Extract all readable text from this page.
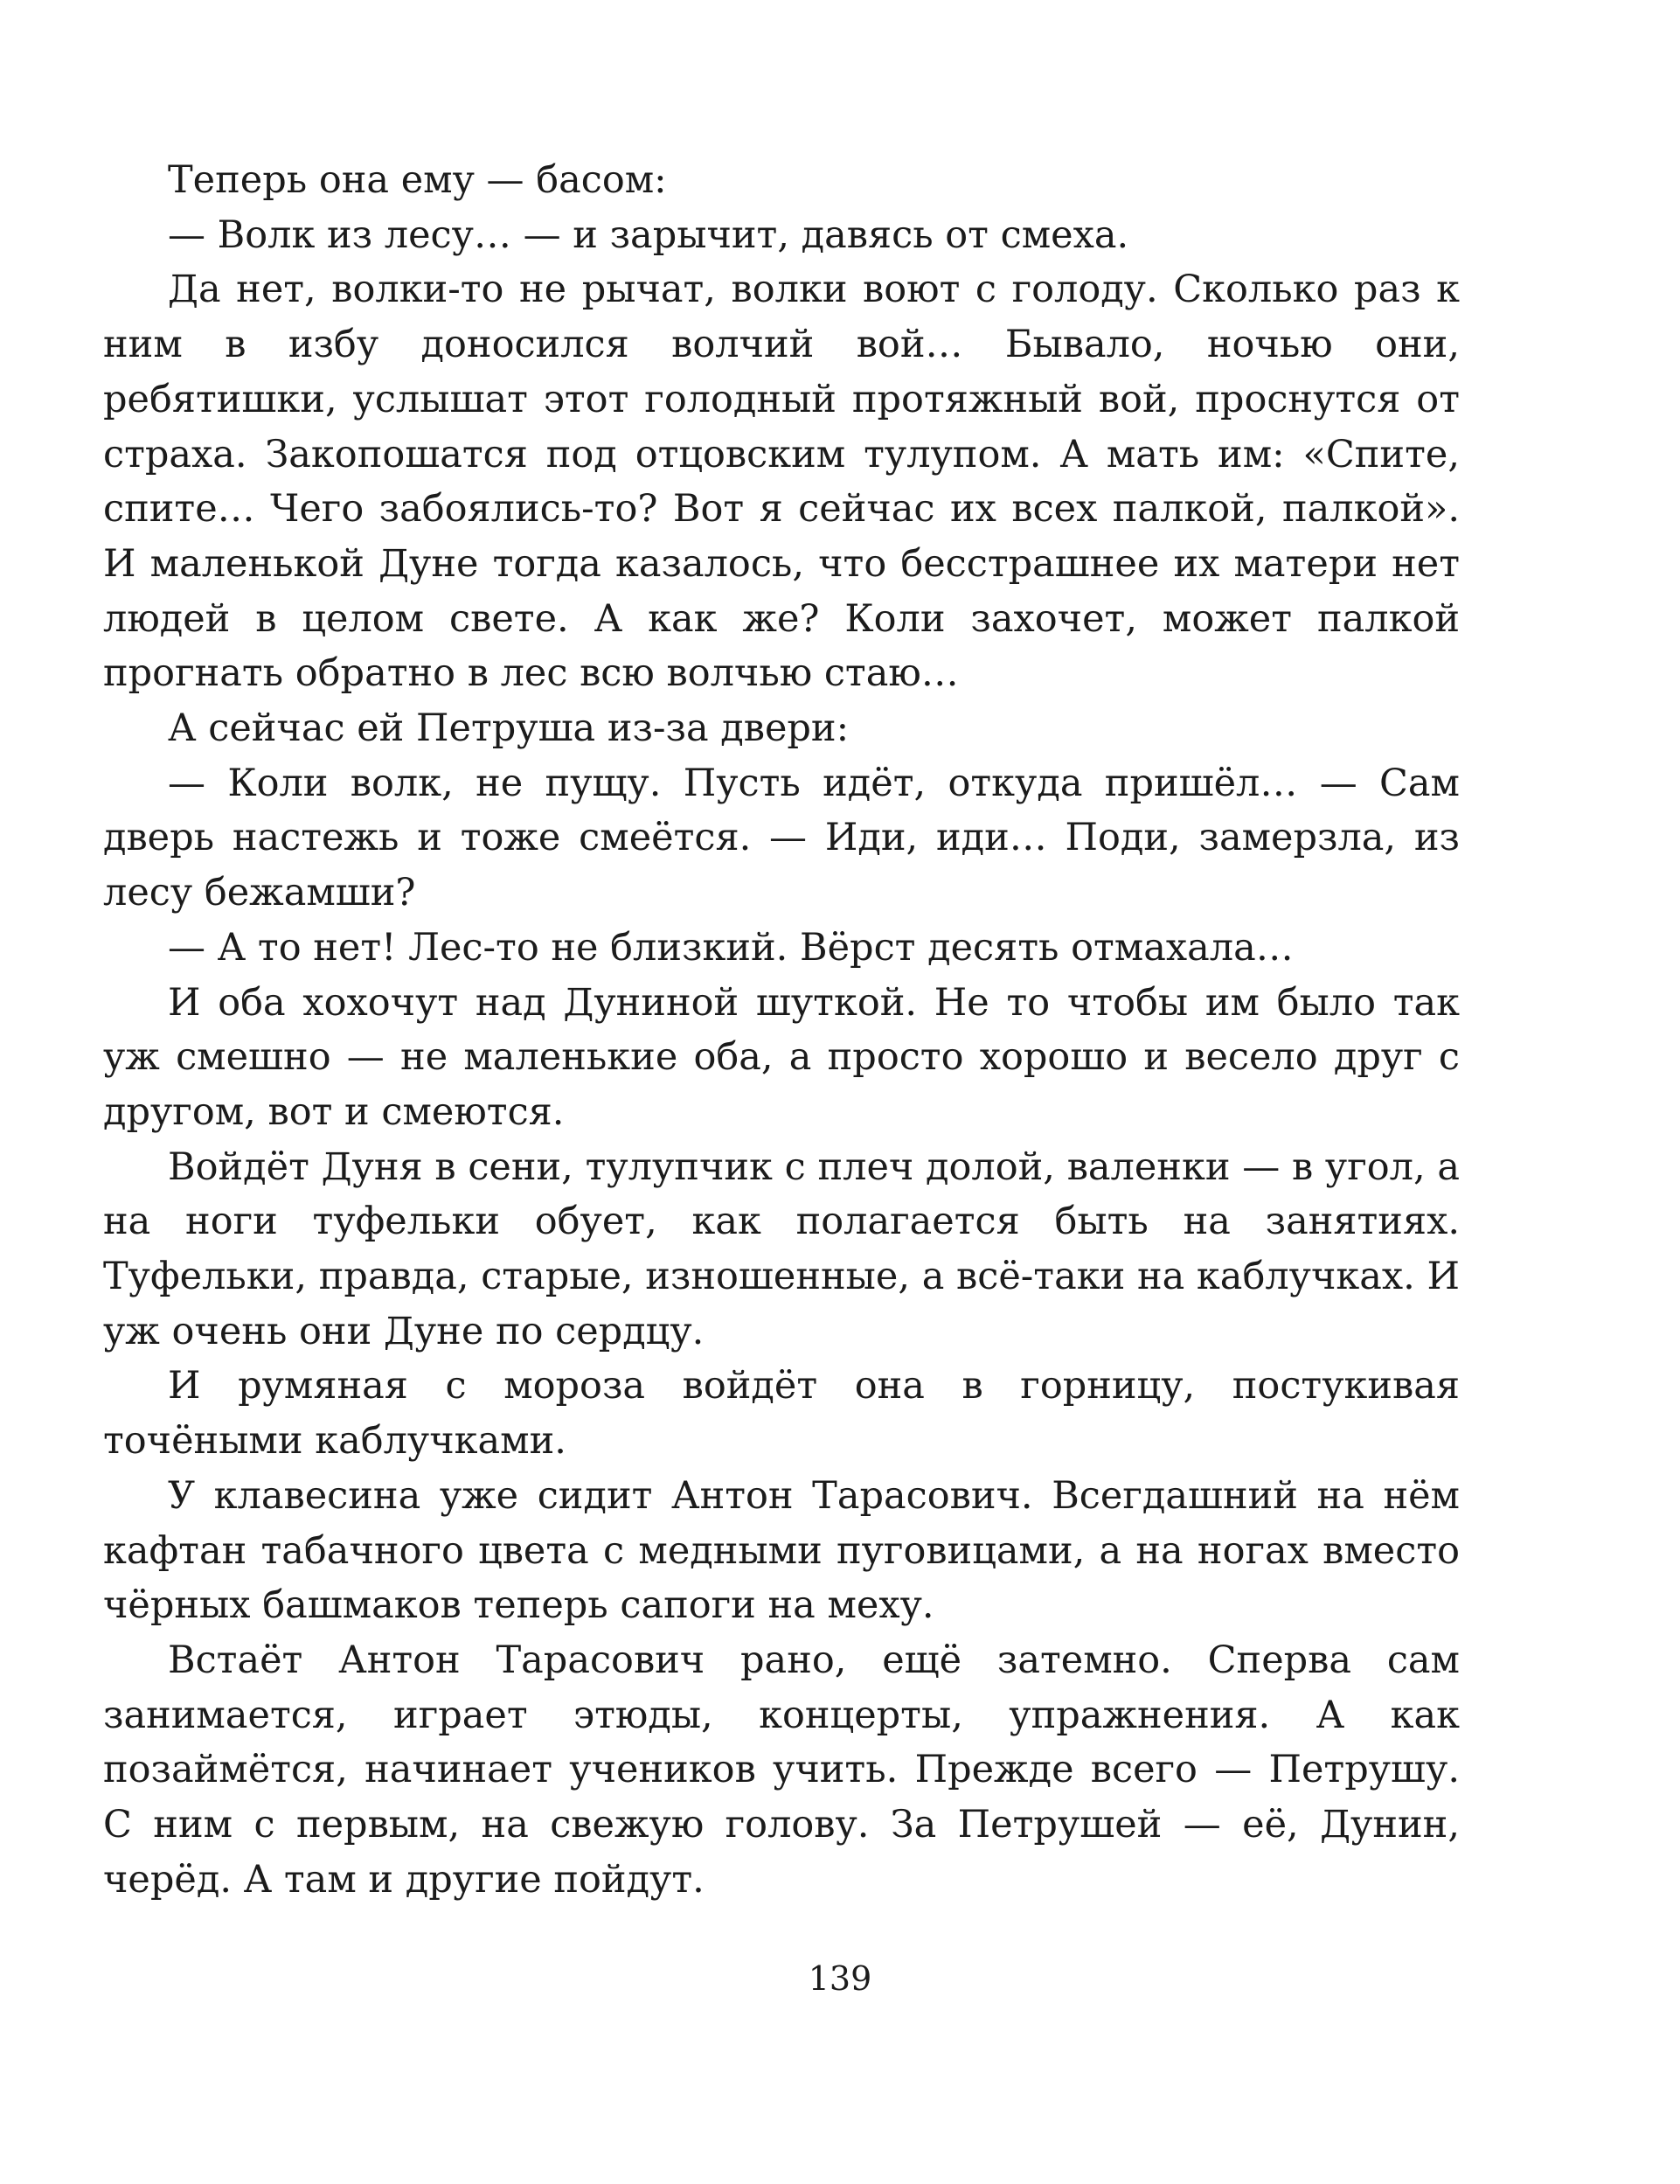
Теперь она ему — басом:

— Волк из лесу… — и зарычит, давясь от смеха.

Да нет, волки-то не рычат, волки воют с голоду. Сколько раз к ним в избу доносился волчий вой… Бывало, ночью они, ребятишки, услышат этот голодный протяжный вой, проснутся от страха. Закопошатся под отцовским тулупом. А мать им: «Спите, спите… Чего забоялись-то? Вот я сейчас их всех палкой, палкой». И маленькой Дуне тогда казалось, что бесстрашнее их матери нет людей в целом свете. А как же? Коли захочет, может палкой прогнать обратно в лес всю волчью стаю…

А сейчас ей Петруша из-за двери:

— Коли волк, не пущу. Пусть идёт, откуда пришёл… — Сам дверь настежь и тоже смеётся. — Иди, иди… Поди, замерзла, из лесу бежамши?

— А то нет! Лес-то не близкий. Вёрст десять отмахала…

И оба хохочут над Дуниной шуткой. Не то чтобы им было так уж смешно — не маленькие оба, а просто хорошо и весело друг с другом, вот и смеются.

Войдёт Дуня в сени, тулупчик с плеч долой, валенки — в угол, а на ноги туфельки обует, как полагается быть на занятиях. Туфельки, правда, старые, изношенные, а всё-таки на каблучках. И уж очень они Дуне по сердцу.

И румяная с мороза войдёт она в горницу, постукивая точёными каблучками.

У клавесина уже сидит Антон Тарасович. Всегдашний на нём кафтан табачного цвета с медными пуговицами, а на ногах вместо чёрных башмаков теперь сапоги на меху.

Встаёт Антон Тарасович рано, ещё затемно. Сперва сам занимается, играет этюды, концерты, упражнения. А как позаймётся, начинает учеников учить. Прежде всего — Петрушу. С ним с первым, на свежую голову. За Петрушей — её, Дунин, черёд. А там и другие пойдут.

139
